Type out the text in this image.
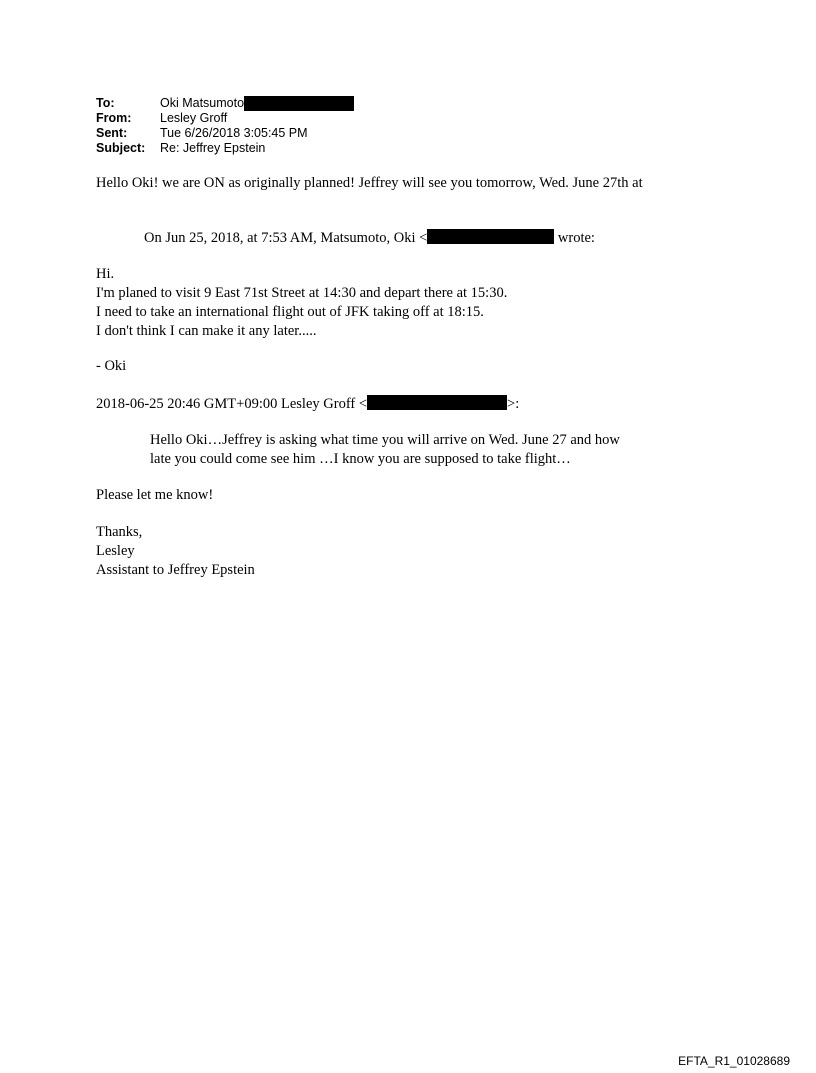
To:	Oki Matsumoto
From:	Lesley Groff
Sent:	Tue 6/26/2018 3:05:45 PM
Subject:	Re: Jeffrey Epstein
Hello Oki! we are ON as originally planned! Jeffrey will see you tomorrow, Wed. June 27th at
On Jun 25, 2018, at 7:53 AM, Matsumoto, Oki <	wrote:
Hi.
I'm planed to visit 9 East 71st Street at 14:30 and depart there at 15:30.
I need to take an international flight out of JFK taking off at 18:15.
I don't think I can make it any later.....
- Oki
2018-06-25 20:46 GMT+09:00 Lesley Groff <	>:
Hello Oki…Jeffrey is asking what time you will arrive on Wed. June 27 and how
late you could come see him …I know you are supposed to take flight…
Please let me know!
Thanks,
Lesley
Assistant to Jeffrey Epstein
EFTA_R1_01028689
